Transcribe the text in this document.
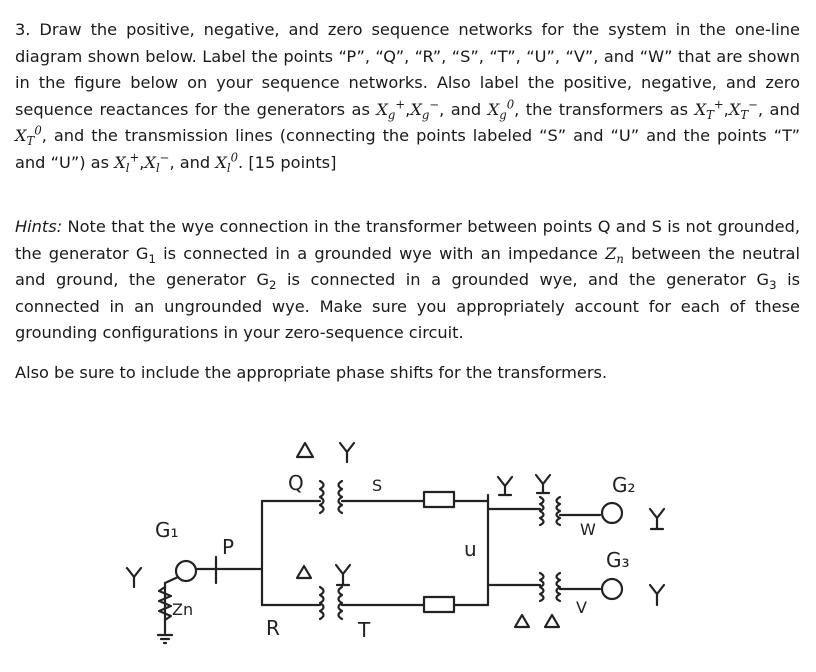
3. Draw the positive, negative, and zero sequence networks for the system in the one-line diagram shown below. Label the points “P”, “Q”, “R”, “S”, “T”, “U”, “V”, and “W” that are shown in the figure below on your sequence networks. Also label the positive, negative, and zero sequence reactances for the generators as $X_g^+,X_g^-$, and $X_g^0$, the transformers as $X_T^+,X_T^-$, and $X_T^0$, and the transmission lines (connecting the points labeled “S” and “U” and the points “T” and “U”) as $X_l^+,X_l^-$, and $X_l^0$. [15 points]

Hints: Note that the wye connection in the transformer between points Q and S is not grounded, the generator $G_1$ is connected in a grounded wye with an impedance $Z_n$ between the neutral and ground, the generator $G_2$ is connected in a grounded wye, and the generator $G_3$ is connected in an ungrounded wye. Make sure you appropriately account for each of these grounding configurations in your zero-sequence circuit.

Also be sure to include the appropriate phase shifts for the transformers.

G₁
Zn
P
Q	S
u
R	T
W
G₂
V
G₃
